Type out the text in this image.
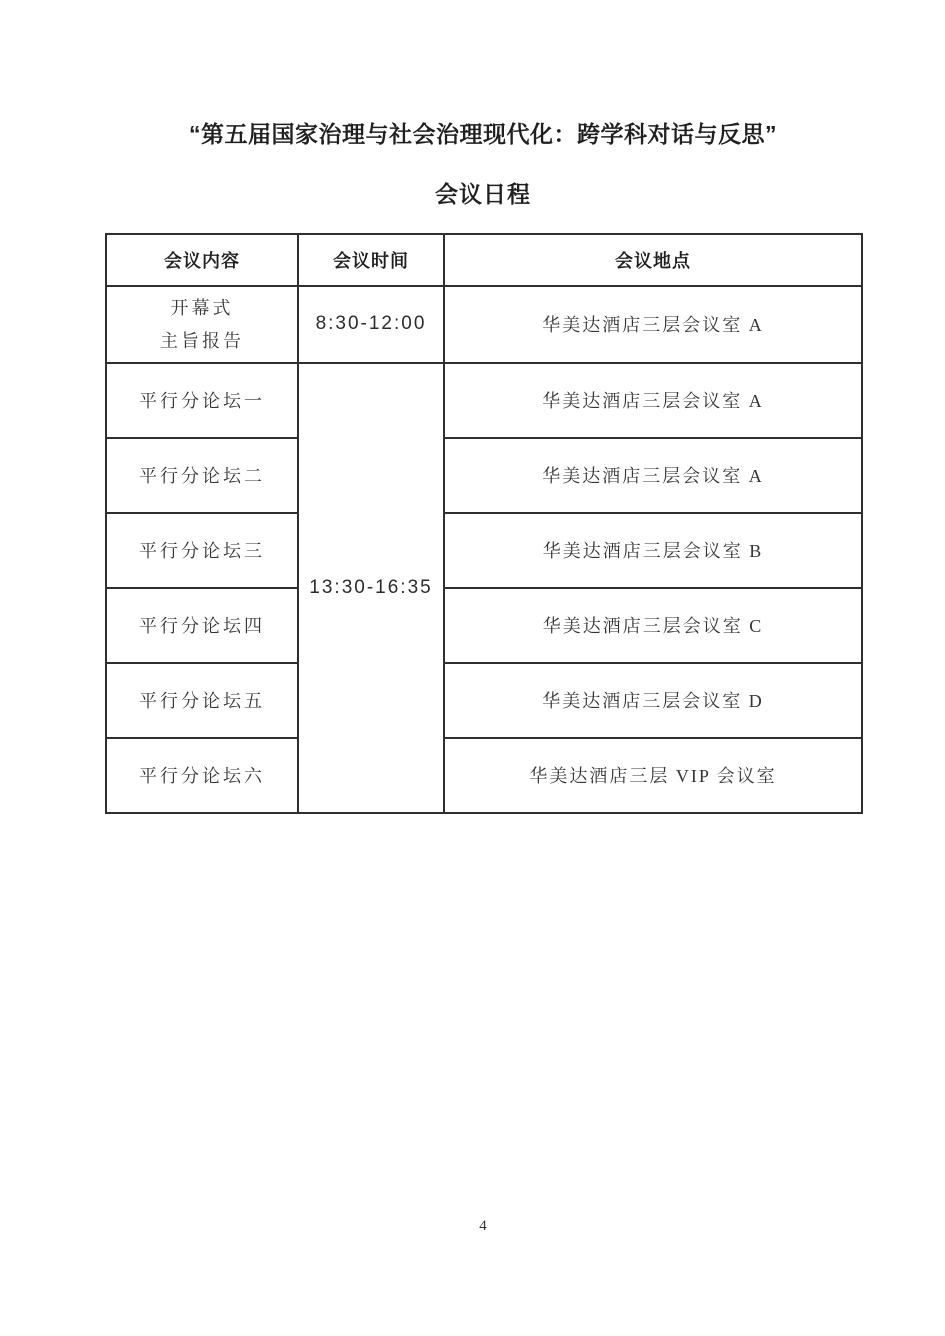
“第五届国家治理与社会治理现代化：跨学科对话与反思”
会议日程
会议内容	会议时间	会议地点

开幕式
主旨报告	8:30-12:00	华美达酒店三层会议室 A
平行分论坛一	13:30-16:35	华美达酒店三层会议室 A
平行分论坛二		华美达酒店三层会议室 A
平行分论坛三		华美达酒店三层会议室 B
平行分论坛四		华美达酒店三层会议室 C
平行分论坛五		华美达酒店三层会议室 D
平行分论坛六		华美达酒店三层 VIP 会议室
4
